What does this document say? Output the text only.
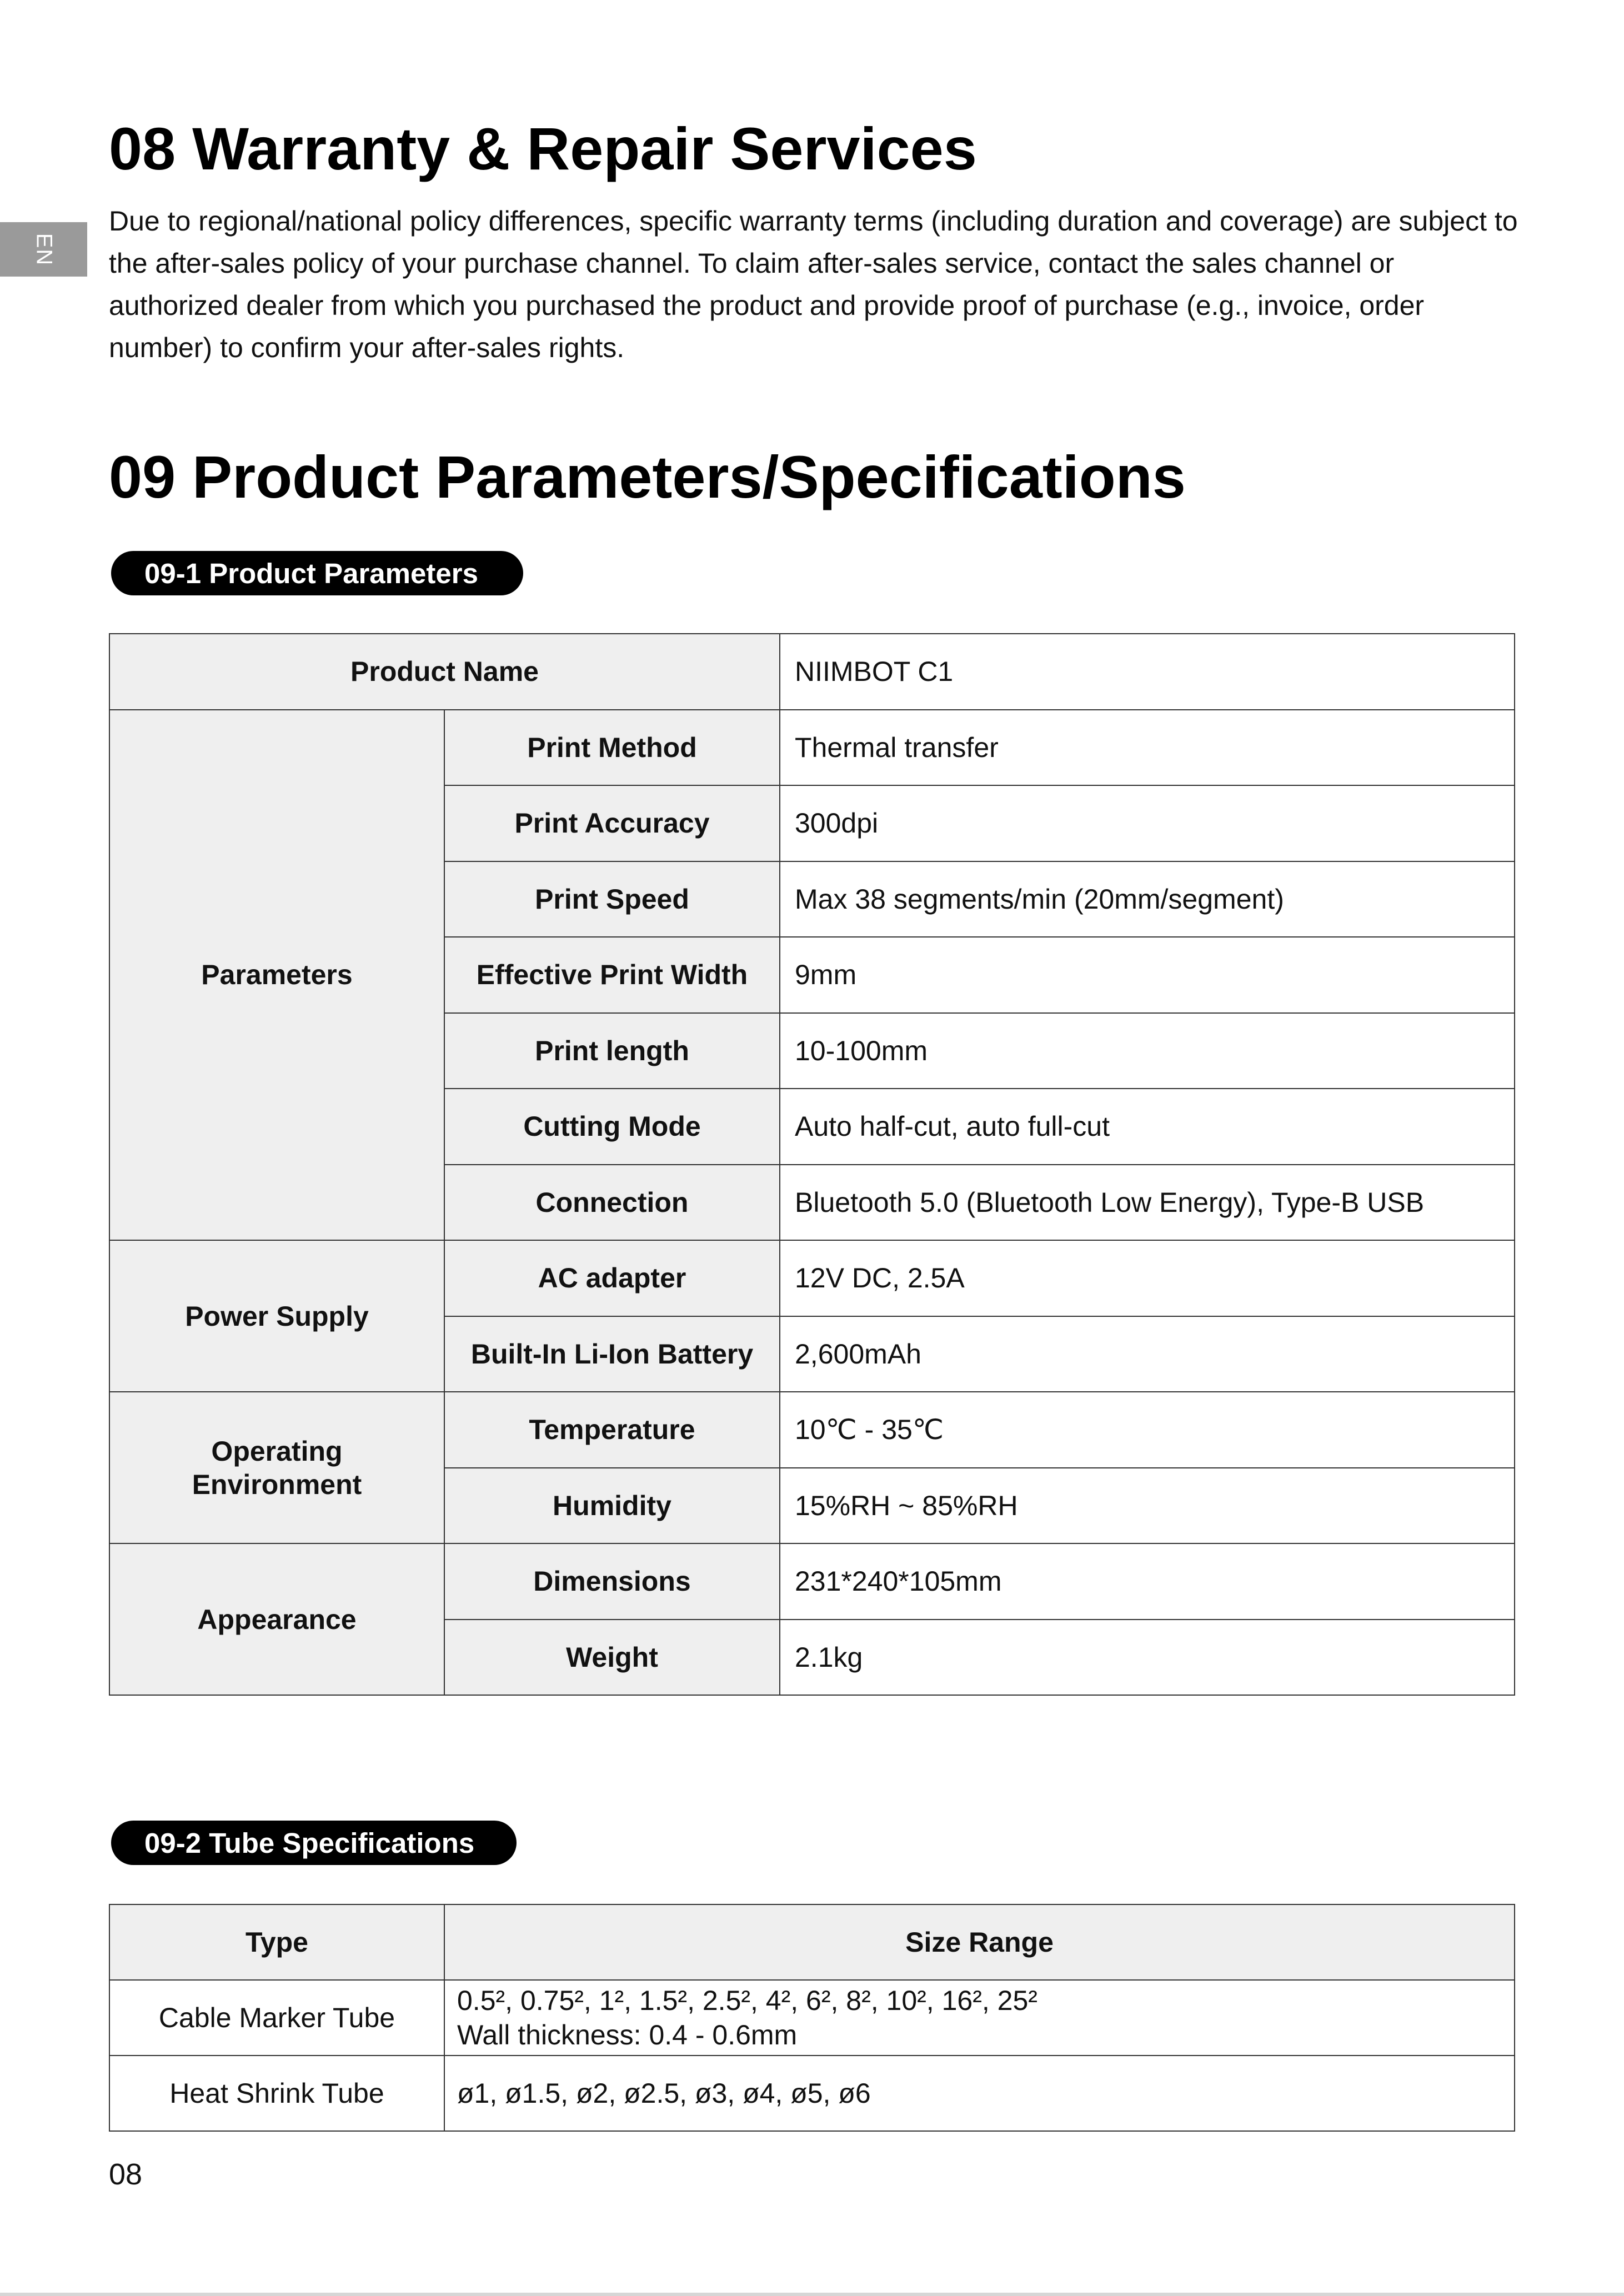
EN
08 Warranty & Repair Services

Due to regional/national policy differences, specific warranty terms (including duration and coverage) are subject to the after-sales policy of your purchase channel. To claim after-sales service, contact the sales channel or authorized dealer from which you purchased the product and provide proof of purchase (e.g., invoice, order number) to confirm your after-sales rights.

09 Product Parameters/Specifications
09-1 Product Parameters
Product Name		NIIMBOT C1
Parameters	Print Method	Thermal transfer
	Print Accuracy	300dpi
	Print Speed	Max 38 segments/min (20mm/segment)
	Effective Print Width	9mm
	Print length	10-100mm
	Cutting Mode	Auto half-cut, auto full-cut
	Connection	Bluetooth 5.0 (Bluetooth Low Energy), Type-B USB
Power Supply	AC adapter	12V DC, 2.5A
	Built-In Li-Ion Battery	2,600mAh
Operating Environment	Temperature	10℃ - 35℃
	Humidity	15%RH ~ 85%RH
Appearance	Dimensions	231*240*105mm
	Weight	2.1kg
09-2 Tube Specifications
Type	Size Range
Cable Marker Tube	0.5², 0.75², 1², 1.5², 2.5², 4², 6², 8², 10², 16², 25²
Wall thickness: 0.4 - 0.6mm

Heat Shrink Tube	ø1, ø1.5, ø2, ø2.5, ø3, ø4, ø5, ø6
08
